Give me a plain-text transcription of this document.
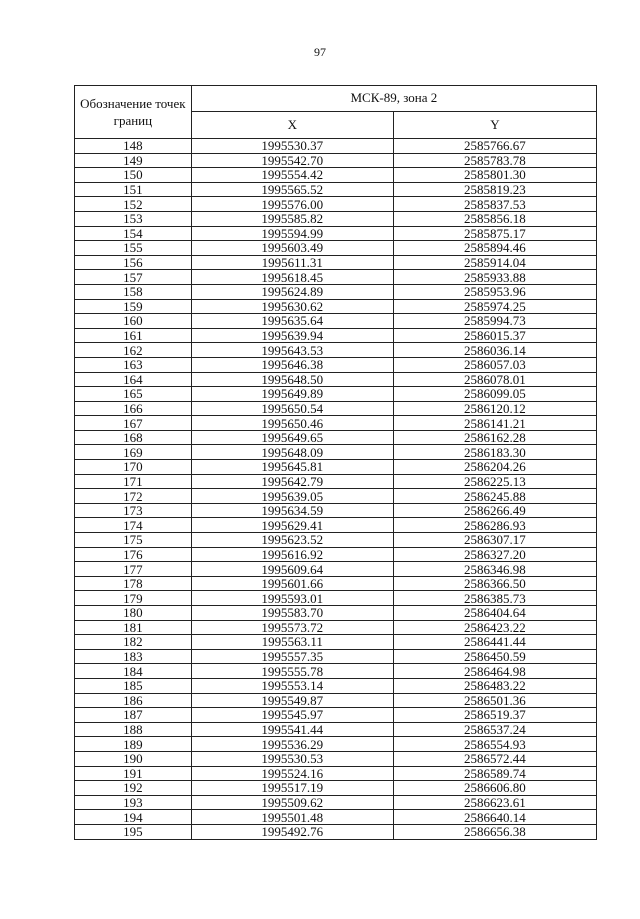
97
Обозначение точек границ	МСК-89, зона 2	
	X	Y
148	1995530.37	2585766.67
149	1995542.70	2585783.78
150	1995554.42	2585801.30
151	1995565.52	2585819.23
152	1995576.00	2585837.53
153	1995585.82	2585856.18
154	1995594.99	2585875.17
155	1995603.49	2585894.46
156	1995611.31	2585914.04
157	1995618.45	2585933.88
158	1995624.89	2585953.96
159	1995630.62	2585974.25
160	1995635.64	2585994.73
161	1995639.94	2586015.37
162	1995643.53	2586036.14
163	1995646.38	2586057.03
164	1995648.50	2586078.01
165	1995649.89	2586099.05
166	1995650.54	2586120.12
167	1995650.46	2586141.21
168	1995649.65	2586162.28
169	1995648.09	2586183.30
170	1995645.81	2586204.26
171	1995642.79	2586225.13
172	1995639.05	2586245.88
173	1995634.59	2586266.49
174	1995629.41	2586286.93
175	1995623.52	2586307.17
176	1995616.92	2586327.20
177	1995609.64	2586346.98
178	1995601.66	2586366.50
179	1995593.01	2586385.73
180	1995583.70	2586404.64
181	1995573.72	2586423.22
182	1995563.11	2586441.44
183	1995557.35	2586450.59
184	1995555.78	2586464.98
185	1995553.14	2586483.22
186	1995549.87	2586501.36
187	1995545.97	2586519.37
188	1995541.44	2586537.24
189	1995536.29	2586554.93
190	1995530.53	2586572.44
191	1995524.16	2586589.74
192	1995517.19	2586606.80
193	1995509.62	2586623.61
194	1995501.48	2586640.14
195	1995492.76	2586656.38
